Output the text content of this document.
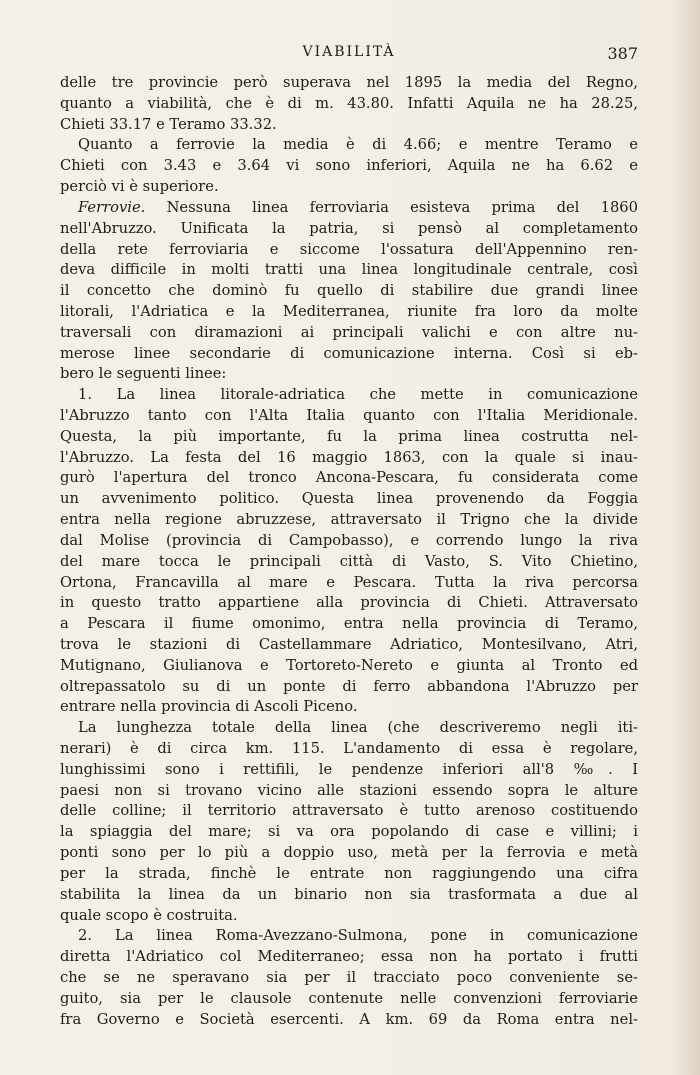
VIABILITÀ	387
delle tre provincie però superava nel 1895 la media del Regno,
quanto a viabilità, che è di m. 43.80. Infatti Aquila ne ha 28.25,
Chieti 33.17 e Teramo 33.32.
Quanto a ferrovie la media è di 4.66; e mentre Teramo e
Chieti con 3.43 e 3.64 vi sono inferiori, Aquila ne ha 6.62 e
perciò vi è superiore.
Ferrovie. Nessuna linea ferroviaria esisteva prima del 1860
nell'Abruzzo. Unificata la patria, si pensò al completamento
della rete ferroviaria e siccome l'ossatura dell'Appennino ren-
deva difficile in molti tratti una linea longitudinale centrale, così
il concetto che dominò fu quello di stabilire due grandi linee
litorali, l'Adriatica e la Mediterranea, riunite fra loro da molte
traversali con diramazioni ai principali valichi e con altre nu-
merose linee secondarie di comunicazione interna. Così si eb-
bero le seguenti linee:
1. La linea litorale-adriatica che mette in comunicazione
l'Abruzzo tanto con l'Alta Italia quanto con l'Italia Meridionale.
Questa, la più importante, fu la prima linea costrutta nel-
l'Abruzzo. La festa del 16 maggio 1863, con la quale si inau-
gurò l'apertura del tronco Ancona-Pescara, fu considerata come
un avvenimento politico. Questa linea provenendo da Foggia
entra nella regione abruzzese, attraversato il Trigno che la divide
dal Molise (provincia di Campobasso), e correndo lungo la riva
del mare tocca le principali città di Vasto, S. Vito Chietino,
Ortona, Francavilla al mare e Pescara. Tutta la riva percorsa
in questo tratto appartiene alla provincia di Chieti. Attraversato
a Pescara il fiume omonimo, entra nella provincia di Teramo,
trova le stazioni di Castellammare Adriatico, Montesilvano, Atri,
Mutignano, Giulianova e Tortoreto-Nereto e giunta al Tronto ed
oltrepassatolo su di un ponte di ferro abbandona l'Abruzzo per
entrare nella provincia di Ascoli Piceno.
La lunghezza totale della linea (che descriveremo negli iti-
nerari) è di circa km. 115. L'andamento di essa è regolare,
lunghissimi sono i rettifili, le pendenze inferiori all'8 ‰. I
paesi non si trovano vicino alle stazioni essendo sopra le alture
delle colline; il territorio attraversato è tutto arenoso costituendo
la spiaggia del mare; si va ora popolando di case e villini; i
ponti sono per lo più a doppio uso, metà per la ferrovia e metà
per la strada, finchè le entrate non raggiungendo una cifra
stabilita la linea da un binario non sia trasformata a due al
quale scopo è costruita.
2. La linea Roma-Avezzano-Sulmona, pone in comunicazione
diretta l'Adriatico col Mediterraneo; essa non ha portato i frutti
che se ne speravano sia per il tracciato poco conveniente se-
guito, sia per le clausole contenute nelle convenzioni ferroviarie
fra Governo e Società esercenti. A km. 69 da Roma entra nel-
